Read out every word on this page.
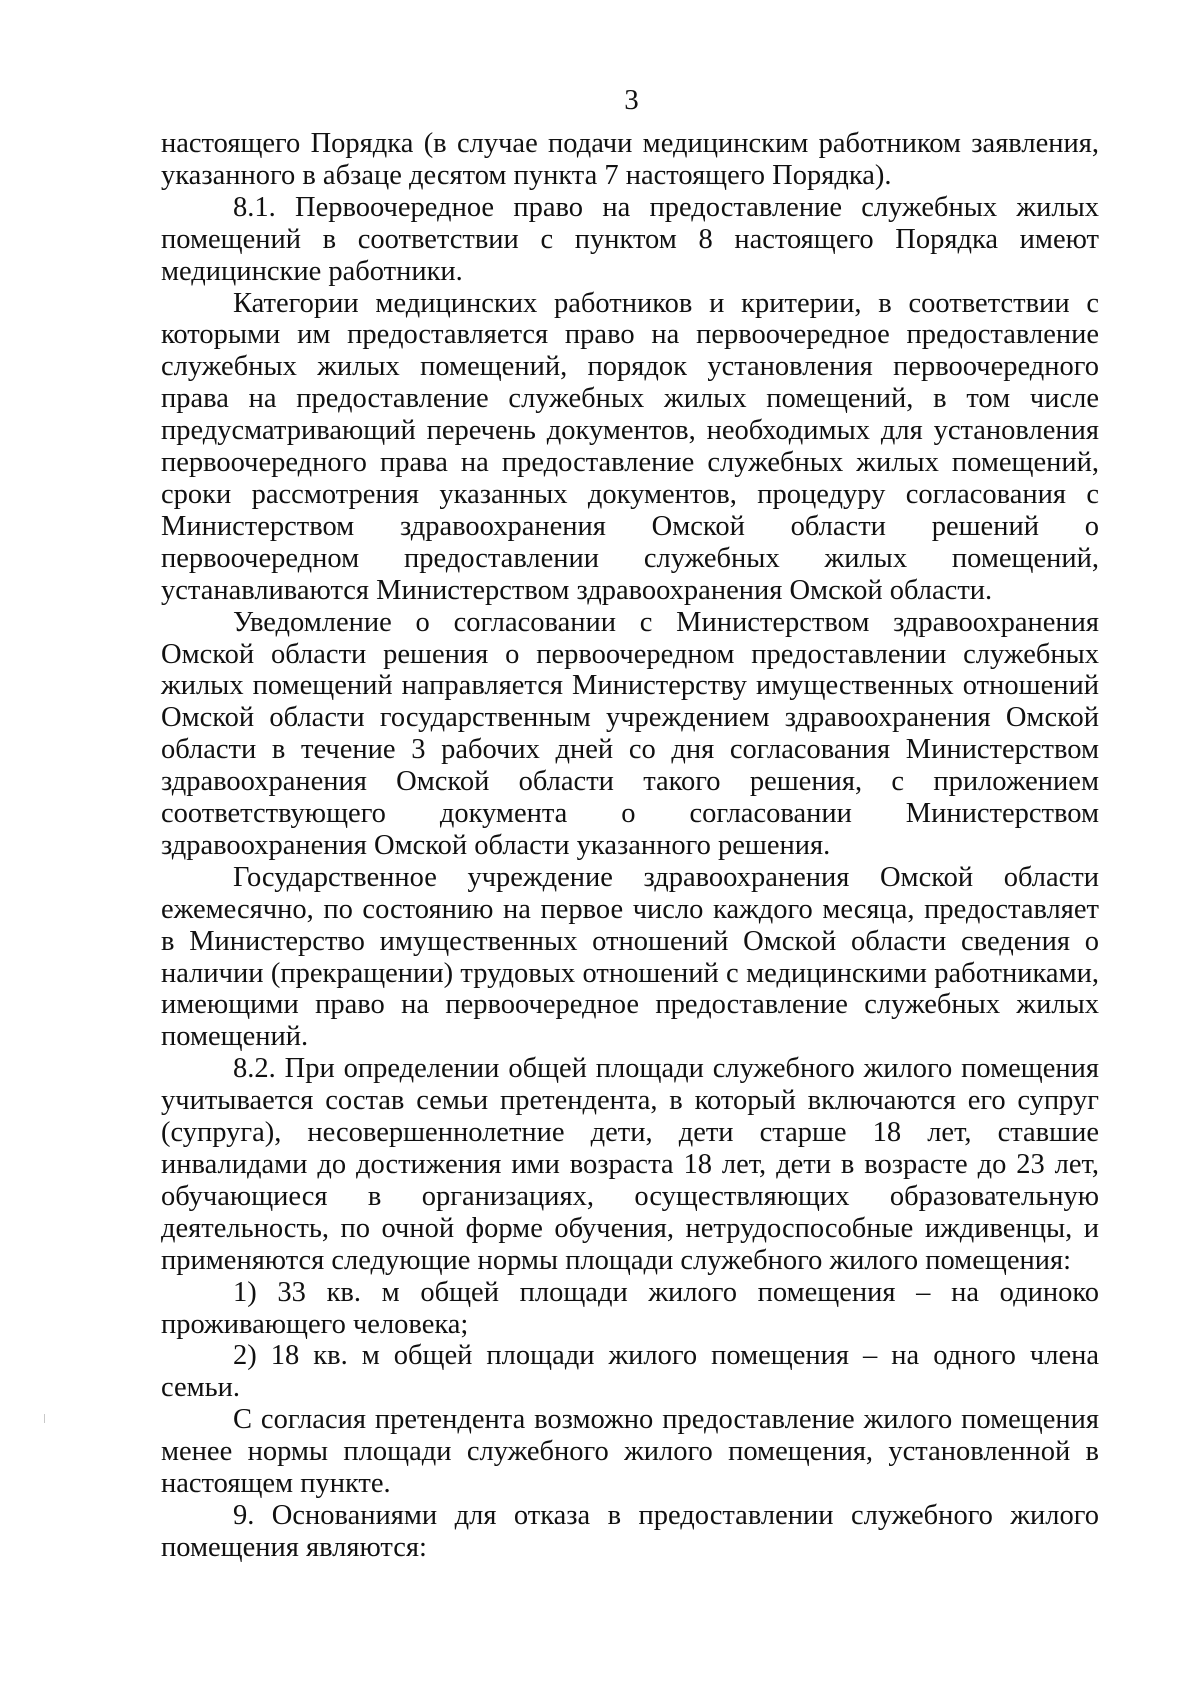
3

настоящего Порядка (в случае подачи медицинским работником заявления, указанного в абзаце десятом пункта 7 настоящего Порядка).

8.1. Первоочередное право на предоставление служебных жилых помещений в соответствии с пунктом 8 настоящего Порядка имеют медицинские работники.

Категории медицинских работников и критерии, в соответствии с которыми им предоставляется право на первоочередное предоставление служебных жилых помещений, порядок установления первоочередного права на предоставление служебных жилых помещений, в том числе предусматривающий перечень документов, необходимых для установления первоочередного права на предоставление служебных жилых помещений, сроки рассмотрения указанных документов, процедуру согласования с Министерством здравоохранения Омской области решений о первоочередном предоставлении служебных жилых помещений, устанавливаются Министерством здравоохранения Омской области.

Уведомление о согласовании с Министерством здравоохранения Омской области решения о первоочередном предоставлении служебных жилых помещений направляется Министерству имущественных отношений Омской области государственным учреждением здравоохранения Омской области в течение 3 рабочих дней со дня согласования Министерством здравоохранения Омской области такого решения, с приложением соответствующего документа о согласовании Министерством здравоохранения Омской области указанного решения.

Государственное учреждение здравоохранения Омской области ежемесячно, по состоянию на первое число каждого месяца, предоставляет в Министерство имущественных отношений Омской области сведения о наличии (прекращении) трудовых отношений с медицинскими работниками, имеющими право на первоочередное предоставление служебных жилых помещений.

8.2. При определении общей площади служебного жилого помещения учитывается состав семьи претендента, в который включаются его супруг (супруга), несовершеннолетние дети, дети старше 18 лет, ставшие инвалидами до достижения ими возраста 18 лет, дети в возрасте до 23 лет, обучающиеся в организациях, осуществляющих образовательную деятельность, по очной форме обучения, нетрудоспособные иждивенцы, и применяются следующие нормы площади служебного жилого помещения:

1) 33 кв. м общей площади жилого помещения – на одиноко проживающего человека;

2) 18 кв. м общей площади жилого помещения – на одного члена семьи.

С согласия претендента возможно предоставление жилого помещения менее нормы площади служебного жилого помещения, установленной в настоящем пункте.

9. Основаниями для отказа в предоставлении служебного жилого помещения являются:
